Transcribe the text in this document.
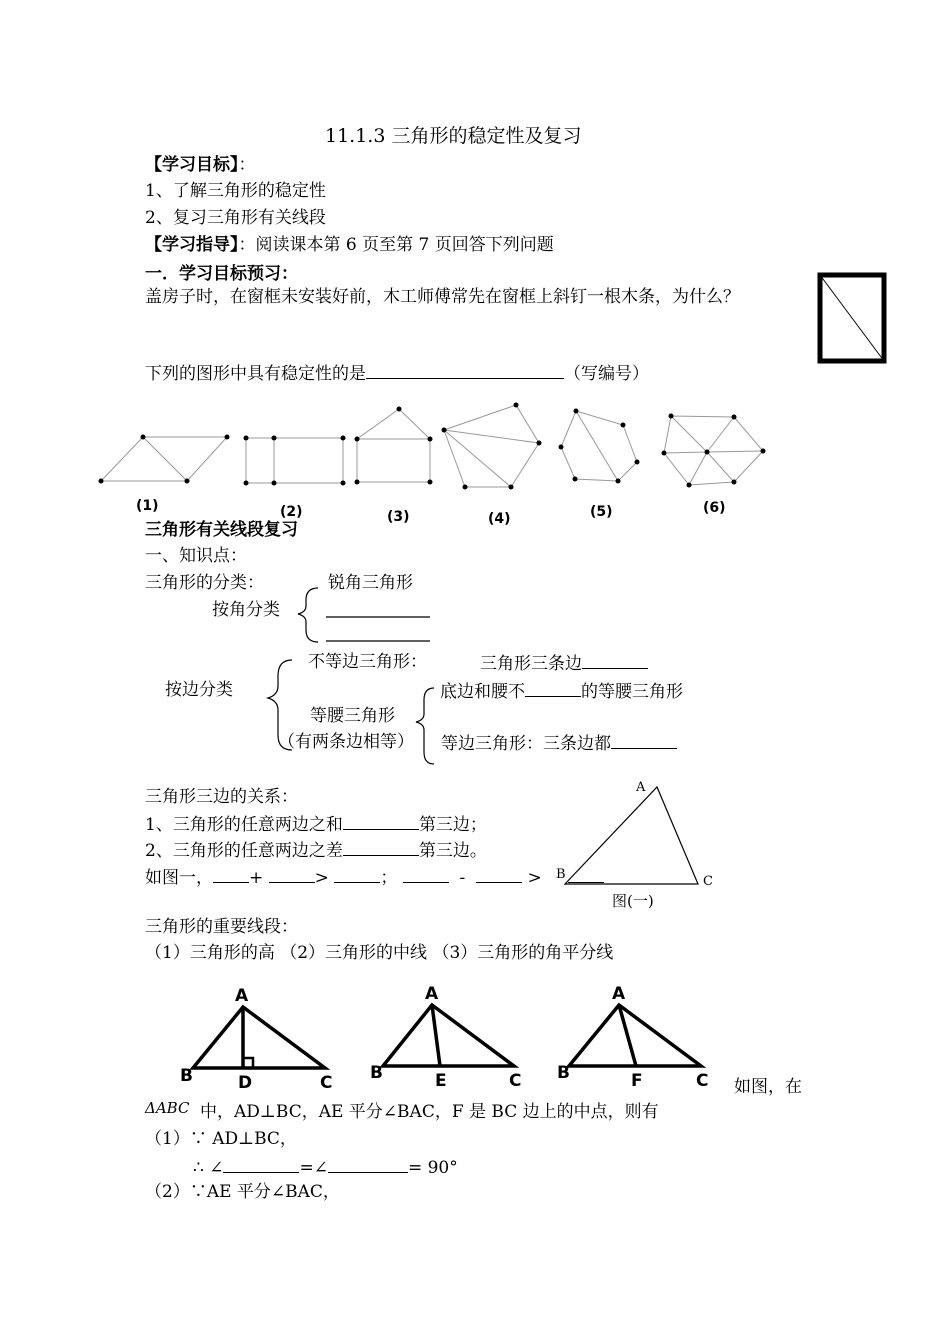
11.1.3 三角形的稳定性及复习
【学习目标】：
1、了解三角形的稳定性
2、复习三角形有关线段
【学习指导】：阅读课本第 6 页至第 7 页回答下列问题
一．学习目标预习：
盖房子时，在窗框未安装好前，木工师傅常先在窗框上斜钉一根木条，为什么？
下列的图形中具有稳定性的是	（写编号）
(1)	(2)	(3)	(4)	(5)	(6)
三角形有关线段复习
一、知识点：
三角形的分类：	锐角三角形
按角分类
不等边三角形：	三角形三条边
按边分类	底边和腰不	的等腰三角形
等腰三角形
等边三角形：三条边都
（有两条边相等）
三角形三边的关系：
1、三角形的任意两边之和	第三边；
2、三角形的任意两边之差	第三边。
如图一， +	>	；	-	>
A
B	C
图(一)
三角形的重要线段：
（1）三角形的高 （2）三角形的中线 （3）三角形的角平分线
A
B	D	C
A
B	E	C
A
B	F	C 如图，在
ΔABC 中，AD⊥BC，AE 平分∠BAC，F 是 BC 边上的中点，则有
（1）∵ AD⊥BC，
∴ ∠	=∠	= 90°
（2）∵AE 平分∠BAC，
